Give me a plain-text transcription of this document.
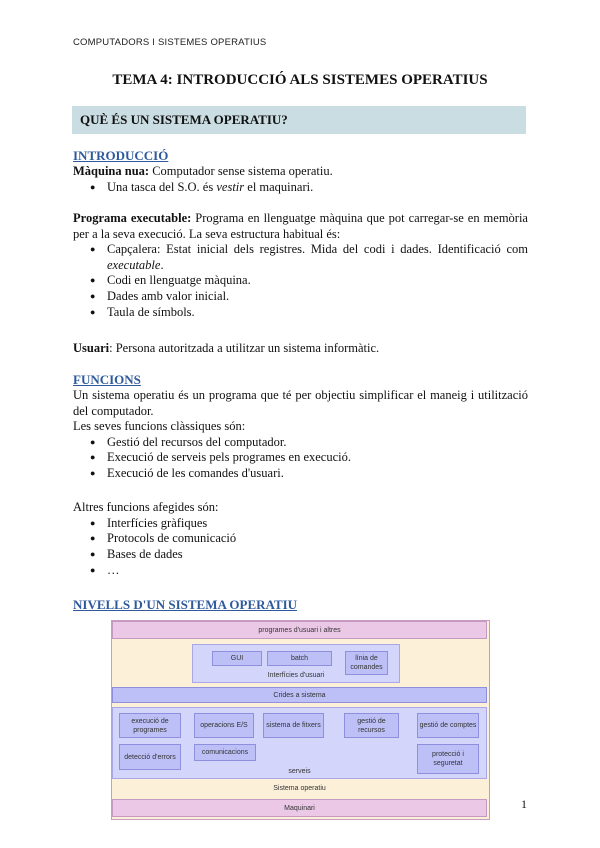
COMPUTADORS I SISTEMES OPERATIUS
TEMA 4: INTRODUCCIÓ ALS SISTEMES OPERATIUS
QUÈ ÉS UN SISTEMA OPERATIU?
INTRODUCCIÓ
Màquina nua: Computador sense sistema operatiu.
● Una tasca del S.O. és vestir el maquinari.
Programa executable: Programa en llenguatge màquina que pot carregar-se en memòria per a la seva execució. La seva estructura habitual és:
● Capçalera: Estat inicial dels registres. Mida del codi i dades. Identificació com executable.
● Codi en llenguatge màquina.
● Dades amb valor inicial.
● Taula de símbols.
Usuari: Persona autoritzada a utilitzar un sistema informàtic.
FUNCIONS
Un sistema operatiu és un programa que té per objectiu simplificar el maneig i utilització del computador.
Les seves funcions clàssiques són:
● Gestió del recursos del computador.
● Execució de serveis pels programes en execució.
● Execució de les comandes d'usuari.
Altres funcions afegides són:
● Interfícies gràfiques
● Protocols de comunicació
● Bases de dades
● …
NIVELLS D'UN SISTEMA OPERATIU
programes d'usuari i altres
Interfícies d'usuari
GUI	batch	línia de comandes
Crides a sistema
serveis
execució de programes
operacions E/S	sistema de fitxers
gestió de recursos
gestió de comptes
detecció d'errors
comunicacions	protecció i seguretat
Sistema operatiu
Maquinari	1
